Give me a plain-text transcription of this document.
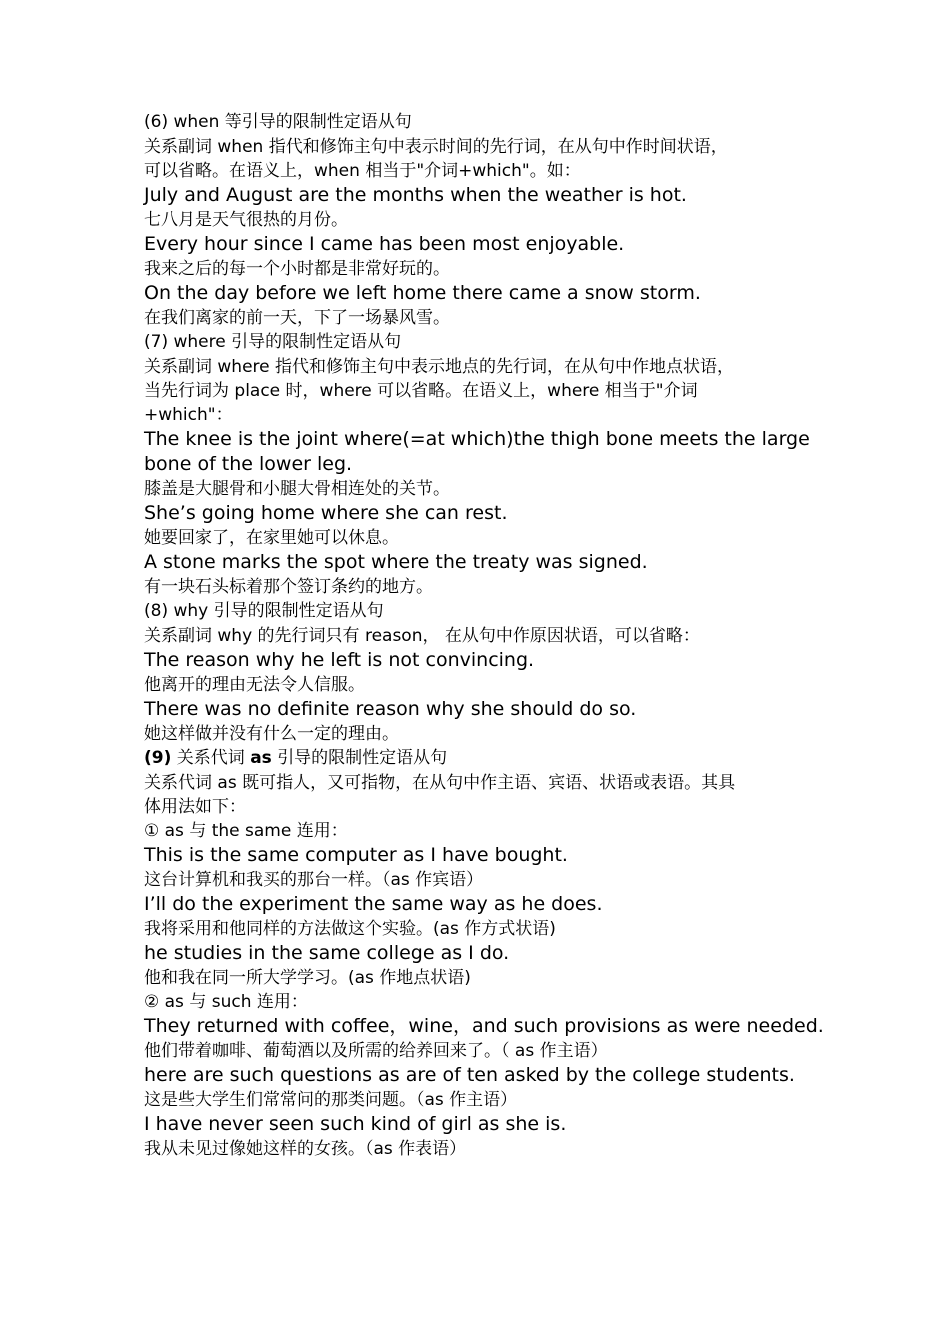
(6) when 等引导的限制性定语从句

关系副词 when 指代和修饰主句中表示时间的先行词，在从句中作时间状语，

可以省略。在语义上，when 相当于"介词+which"。如：

July and August are the months when the weather is hot.

七八月是天气很热的月份。

Every hour since I came has been most enjoyable.

我来之后的每一个小时都是非常好玩的。

On the day before we left home there came a snow storm.

在我们离家的前一天，下了一场暴风雪。

(7) where 引导的限制性定语从句

关系副词 where 指代和修饰主句中表示地点的先行词，在从句中作地点状语，

当先行词为 place 时，where 可以省略。在语义上，where 相当于"介词

+which"：

The knee is the joint where(=at which)the thigh bone meets the large

bone of the lower leg.

膝盖是大腿骨和小腿大骨相连处的关节。

She’s going home where she can rest.

她要回家了，在家里她可以休息。

A stone marks the spot where the treaty was signed.

有一块石头标着那个签订条约的地方。

(8) why 引导的限制性定语从句

关系副词 why 的先行词只有 reason， 在从句中作原因状语，可以省略：

The reason why he left is not convincing.

他离开的理由无法令人信服。

There was no definite reason why she should do so.

她这样做并没有什么一定的理由。

(9) 关系代词 as 引导的限制性定语从句

关系代词 as 既可指人，又可指物，在从句中作主语、宾语、状语或表语。其具

体用法如下：

① as 与 the same 连用：

This is the same computer as I have bought.

这台计算机和我买的那台一样。（as 作宾语）

I’ll do the experiment the same way as he does.

我将采用和他同样的方法做这个实验。(as 作方式状语)

he studies in the same college as I do.

他和我在同一所大学学习。(as 作地点状语)

② as 与 such 连用：

They returned with coffee，wine，and such provisions as were needed.

他们带着咖啡、葡萄酒以及所需的给养回来了。（ as 作主语）

here are such questions as are of ten asked by the college students.

这是些大学生们常常问的那类问题。（as 作主语）

I have never seen such kind of girl as she is.

我从未见过像她这样的女孩。（as 作表语）
